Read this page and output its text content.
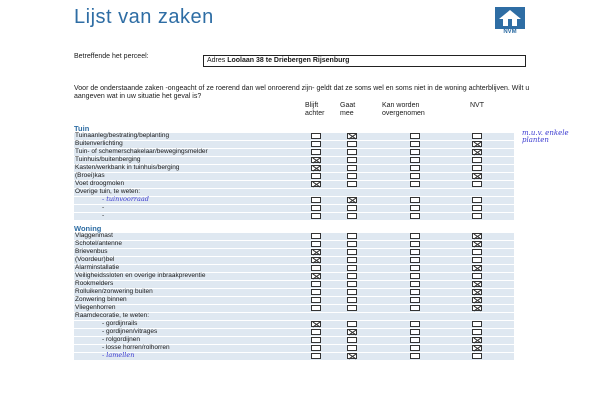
Lijst van zaken
NVM
Betreffende het perceel:
Adres Loolaan 38 te Driebergen Rijsenburg
Voor de onderstaande zaken -ongeacht of ze roerend dan wel onroerend zijn- geldt dat ze soms wel en soms niet in de woning achterblijven. Wilt u aangeven wat in uw situatie het geval is?
Blijft achter
Gaat mee
Kan worden overgenomen
NVT
Tuin
Tuinaanleg/bestrating/beplanting	m.u.v. enkele planten
Buitenverlichting
Tuin- of schemerschakelaar/bewegingsmelder
Tuinhuis/buitenberging
Kasten/werkbank in tuinhuis/berging
(Broei)kas
Voet droogmolen
Overige tuin, te weten:
- tuinvoorraad
-
-
Woning
Vlaggenmast
Schotel/antenne
Brievenbus
(Voordeur)bel
Alarminstallatie
Veiligheidssloten en overige inbraakpreventie
Rookmelders
Rolluiken/zonwering buiten
Zonwering binnen
Vliegenhorren
Raamdecoratie, te weten:
- gordijnrails
- gordijnen/vitrages
- rolgordijnen
- losse horren/rolhorren
- lamellen
